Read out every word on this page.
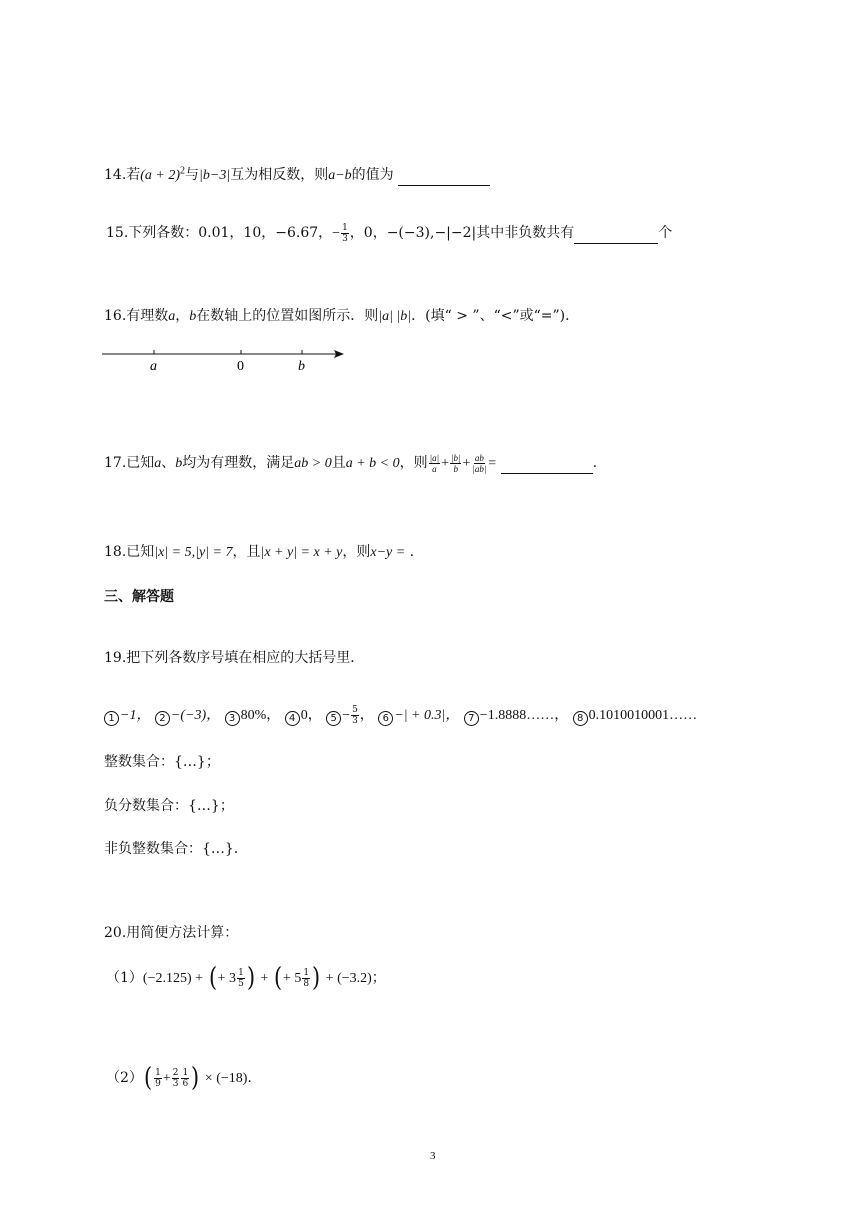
14.若$(a + 2)^2$与|b−3|互为相反数，则a−b的值为
15.下列各数：0.01，10，−6.67，− $\frac{1}{3}$ ，0，−(−3),−|−2|其中非负数共有	个
16.有理数a，b在数轴上的位置如图所示．则|a| |b|．(填“ > ”、“<”或“=”)．
a	0	b
17.已知a、b均为有理数，满足ab > 0且a + b < 0，则 $\frac{|a|}{a} + \frac{|b|}{b} + \frac{ab}{|ab|}$ =	.
18.已知|x| = 5,|y| = 7，且|x + y| = x + y，则x−y = .
三、解答题
19.把下列各数序号填在相应的大括号里．
1 −1， 2 −(−3)， 3 80%， 4 0， $5 - \frac{5}{3}$ ， 6 −| + 0.3|， 7 −1.8888……， 8 0.1010010001……
整数集合：{…}；
负分数集合：{…}；
非负整数集合：{…}．
20.用简便方法计算：
（1）(−2.125) + (+ $3 \frac{1}{5}$ ) + (+ $5 \frac{1}{8}$ ) + (−3.2)；
$(2)( \frac{1}{9} + \frac{2}{3} \frac{1}{6}$ ) × (−18).
3
